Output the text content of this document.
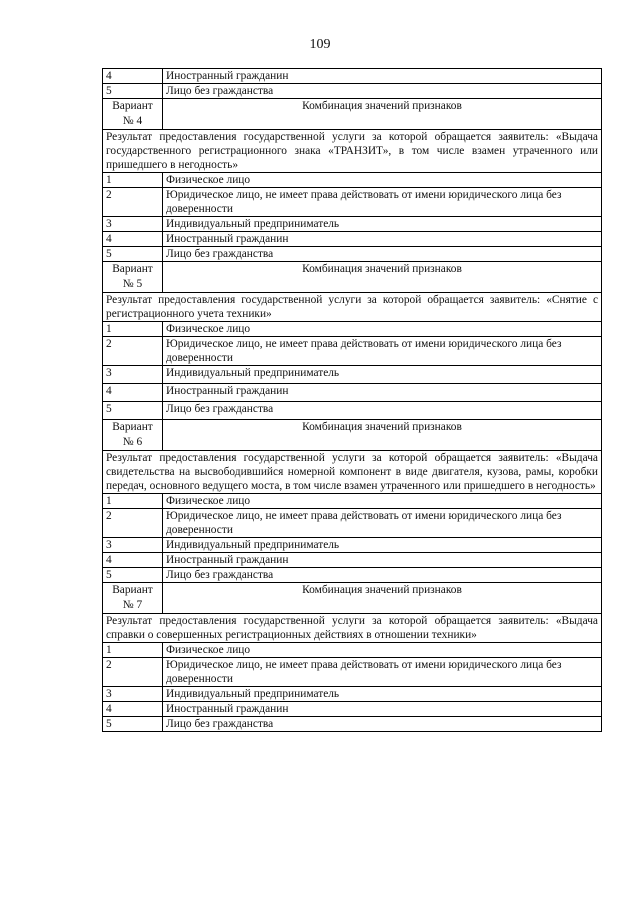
109
4	Иностранный гражданин
5	Лицо без гражданства
Вариант
№ 4	Комбинация значений признаков
Результат предоставления государственной услуги за которой обращается заявитель: «Выдача государственного регистрационного знака «ТРАНЗИТ», в том числе взамен утраченного или пришедшего в негодность»	
1	Физическое лицо
2	Юридическое лицо, не имеет права действовать от имени юридического лица без доверенности
3	Индивидуальный предприниматель
4	Иностранный гражданин
5	Лицо без гражданства
Вариант
№ 5	Комбинация значений признаков
Результат предоставления государственной услуги за которой обращается заявитель: «Снятие с регистрационного учета техники»	
1	Физическое лицо
2	Юридическое лицо, не имеет права действовать от имени юридического лица без доверенности
3	Индивидуальный предприниматель
4	Иностранный гражданин
5	Лицо без гражданства
Вариант
№ 6	Комбинация значений признаков
Результат предоставления государственной услуги за которой обращается заявитель: «Выдача свидетельства на высвободившийся номерной компонент в виде двигателя, кузова, рамы, коробки передач, основного ведущего моста, в том числе взамен утраченного или пришедшего в негодность»	
1	Физическое лицо
2	Юридическое лицо, не имеет права действовать от имени юридического лица без доверенности
3	Индивидуальный предприниматель
4	Иностранный гражданин
5	Лицо без гражданства
Вариант
№ 7	Комбинация значений признаков
Результат предоставления государственной услуги за которой обращается заявитель: «Выдача справки о совершенных регистрационных действиях в отношении техники»	
1	Физическое лицо
2	Юридическое лицо, не имеет права действовать от имени юридического лица без доверенности
3	Индивидуальный предприниматель
4	Иностранный гражданин
5	Лицо без гражданства
